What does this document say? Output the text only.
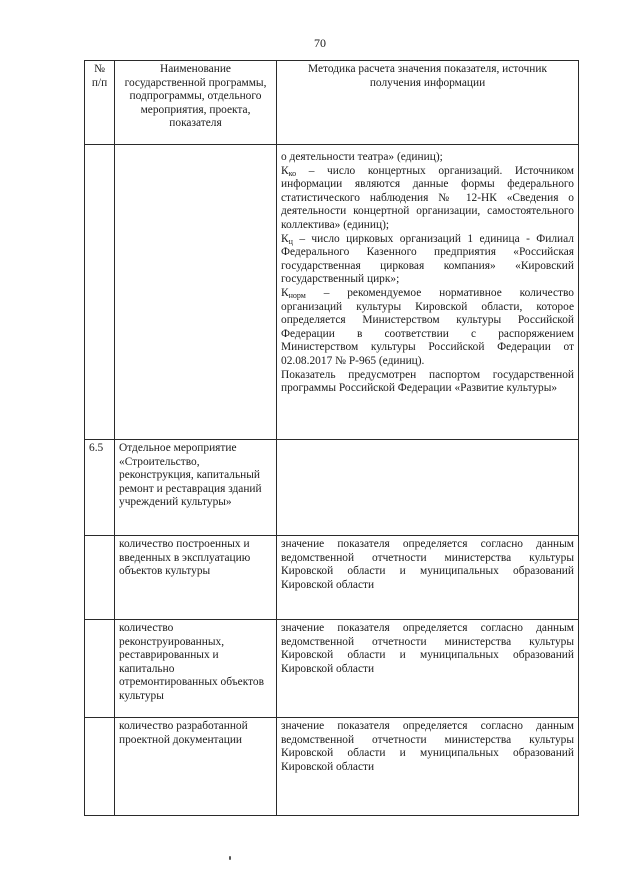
70
№ п/п	Наименование государственной программы, подпрограммы, отдельного мероприятия, проекта, показателя	Методика расчета значения показателя, источник получения информации

		о деятельности театра» (единиц);

$К_{ко}$ – число концертных организаций. Источником информации являются данные формы федерального статистического наблюдения № 12-НК «Сведения о деятельности концертной организации, самостоятельного коллектива» (единиц);

$К_ц$ – число цирковых организаций 1 единица - Филиал Федерального Казенного предприятия «Российская государственная цирковая компания» «Кировский государственный цирк»;

$К_{норм}$ – рекомендуемое нормативное количество организаций культуры Кировской области, которое определяется Министерством культуры Российской Федерации в соответствии с распоряжением Министерством культуры Российской Федерации от 02.08.2017 № Р-965 (единиц).

Показатель предусмотрен паспортом государственной программы Российской Федерации «Развитие культуры»

6.5	Отдельное мероприятие «Строительство, реконструкция, капитальный ремонт и реставрация зданий учреждений культуры»	
	количество построенных и введенных в эксплуатацию объектов культуры	значение показателя определяется согласно данным ведомственной отчетности министерства культуры Кировской области и муниципальных образований Кировской области
	количество реконструированных, реставрированных и капитально отремонтированных объектов культуры	значение показателя определяется согласно данным ведомственной отчетности министерства культуры Кировской области и муниципальных образований Кировской области
	количество разработанной проектной документации	значение показателя определяется согласно данным ведомственной отчетности министерства культуры Кировской области и муниципальных образований Кировской области
